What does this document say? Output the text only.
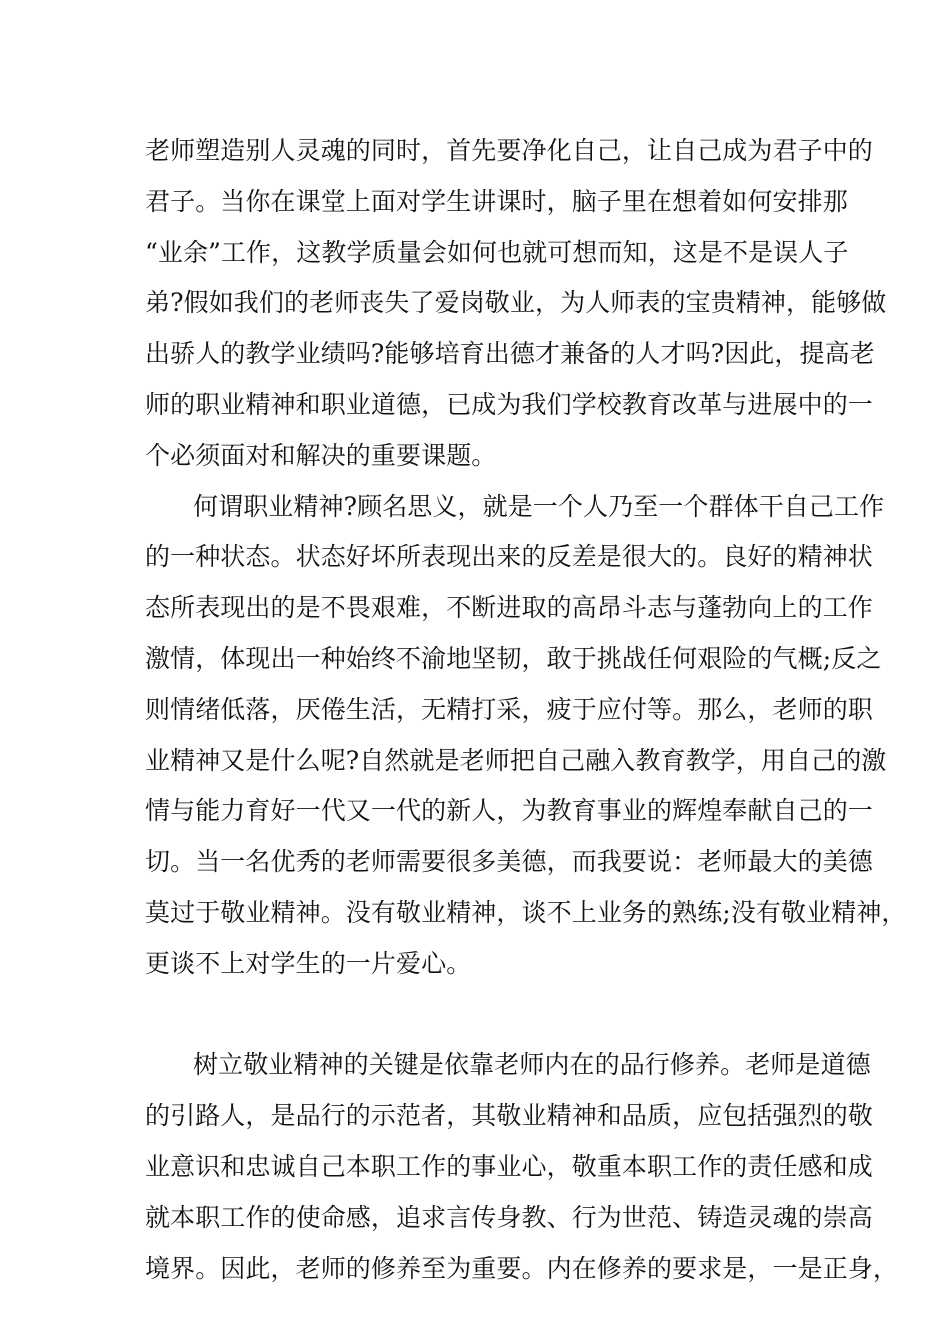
老师塑造别人灵魂的同时，首先要净化自己，让自己成为君子中的
君子。当你在课堂上面对学生讲课时，脑子里在想着如何安排那
“业余”工作，这教学质量会如何也就可想而知，这是不是误人子
弟?假如我们的老师丧失了爱岗敬业，为人师表的宝贵精神，能够做
出骄人的教学业绩吗?能够培育出德才兼备的人才吗?因此，提高老
师的职业精神和职业道德，已成为我们学校教育改革与进展中的一
个必须面对和解决的重要课题。
何谓职业精神?顾名思义，就是一个人乃至一个群体干自己工作
的一种状态。状态好坏所表现出来的反差是很大的。良好的精神状
态所表现出的是不畏艰难，不断进取的高昂斗志与蓬勃向上的工作
激情，体现出一种始终不渝地坚韧，敢于挑战任何艰险的气概;反之
则情绪低落，厌倦生活，无精打采，疲于应付等。那么，老师的职
业精神又是什么呢?自然就是老师把自己融入教育教学，用自己的激
情与能力育好一代又一代的新人，为教育事业的辉煌奉献自己的一
切。当一名优秀的老师需要很多美德，而我要说：老师最大的美德
莫过于敬业精神。没有敬业精神，谈不上业务的熟练;没有敬业精神，
更谈不上对学生的一片爱心。
树立敬业精神的关键是依靠老师内在的品行修养。老师是道德
的引路人，是品行的示范者，其敬业精神和品质，应包括强烈的敬
业意识和忠诚自己本职工作的事业心，敬重本职工作的责任感和成
就本职工作的使命感，追求言传身教、行为世范、铸造灵魂的崇高
境界。因此，老师的修养至为重要。内在修养的要求是，一是正身，
